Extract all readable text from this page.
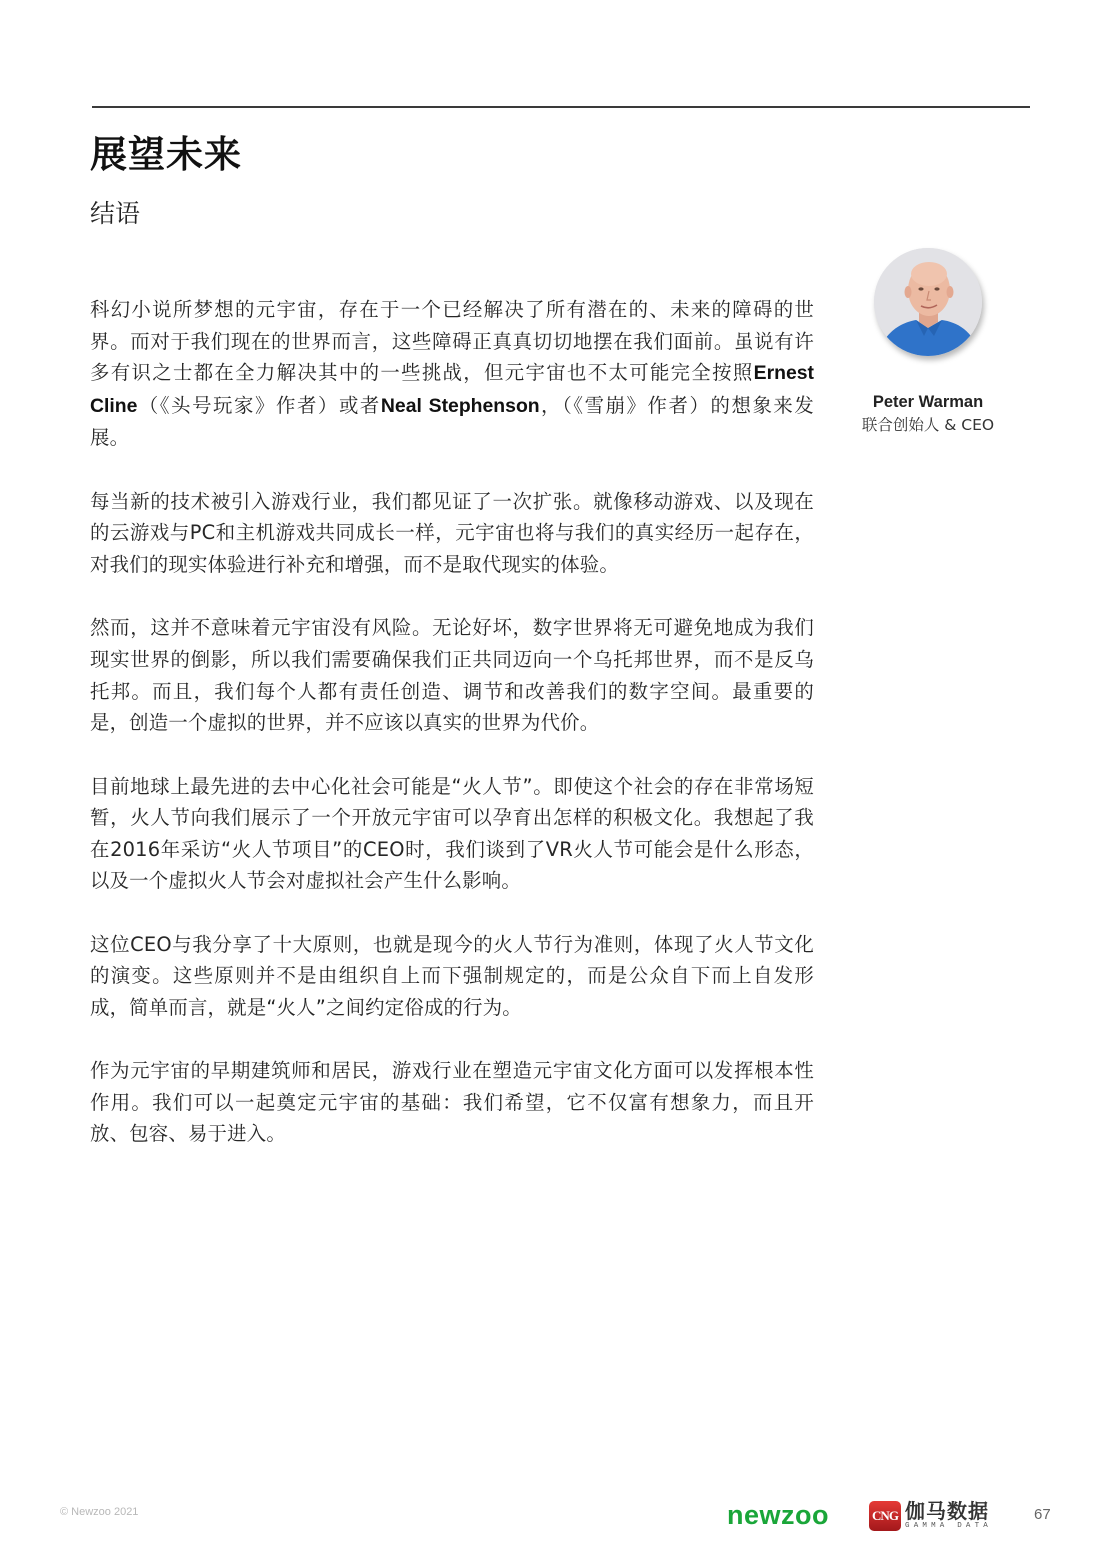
展望未来
结语

科幻小说所梦想的元宇宙，存在于一个已经解决了所有潜在的、未来的障碍的世界。而对于我们现在的世界而言，这些障碍正真真切切地摆在我们面前。虽说有许多有识之士都在全力解决其中的一些挑战，但元宇宙也不太可能完全按照Ernest Cline（《头号玩家》作者）或者Neal Stephenson，（《雪崩》作者）的想象来发展。

每当新的技术被引入游戏行业，我们都见证了一次扩张。就像移动游戏、以及现在的云游戏与PC和主机游戏共同成长一样，元宇宙也将与我们的真实经历一起存在，对我们的现实体验进行补充和增强，而不是取代现实的体验。

然而，这并不意味着元宇宙没有风险。无论好坏，数字世界将无可避免地成为我们现实世界的倒影，所以我们需要确保我们正共同迈向一个乌托邦世界，而不是反乌托邦。而且，我们每个人都有责任创造、调节和改善我们的数字空间。最重要的是，创造一个虚拟的世界，并不应该以真实的世界为代价。

目前地球上最先进的去中心化社会可能是“火人节”。即使这个社会的存在非常场短暂，火人节向我们展示了一个开放元宇宙可以孕育出怎样的积极文化。我想起了我在2016年采访“火人节项目”的CEO时，我们谈到了VR火人节可能会是什么形态，以及一个虚拟火人节会对虚拟社会产生什么影响。

这位CEO与我分享了十大原则，也就是现今的火人节行为准则，体现了火人节文化的演变。这些原则并不是由组织自上而下强制规定的，而是公众自下而上自发形成，简单而言，就是“火人”之间约定俗成的行为。

作为元宇宙的早期建筑师和居民，游戏行业在塑造元宇宙文化方面可以发挥根本性作用。我们可以一起奠定元宇宙的基础：我们希望，它不仅富有想象力，而且开放、包容、易于进入。

Peter Warman
联合创始人 & CEO
© Newzoo 2021	newzoo	CNG 伽马数据
GAMMA DATA
67
